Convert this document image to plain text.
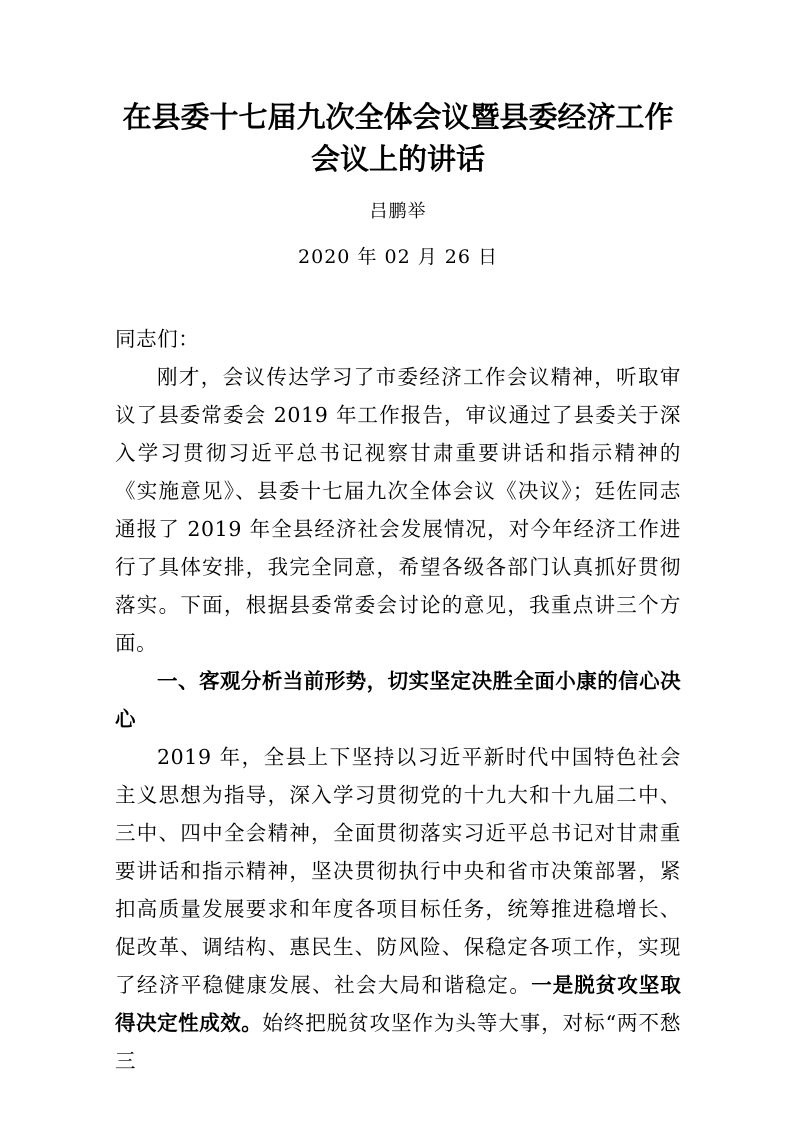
在县委十七届九次全体会议暨县委经济工作会议上的讲话

吕鹏举

2020 年 02 月 26 日

同志们：

刚才，会议传达学习了市委经济工作会议精神，听取审议了县委常委会 2019 年工作报告，审议通过了县委关于深入学习贯彻习近平总书记视察甘肃重要讲话和指示精神的《实施意见》、县委十七届九次全体会议《决议》；廷佐同志通报了 2019 年全县经济社会发展情况，对今年经济工作进行了具体安排，我完全同意，希望各级各部门认真抓好贯彻落实。下面，根据县委常委会讨论的意见，我重点讲三个方面。

一、客观分析当前形势，切实坚定决胜全面小康的信心决心

2019 年，全县上下坚持以习近平新时代中国特色社会主义思想为指导，深入学习贯彻党的十九大和十九届二中、三中、四中全会精神，全面贯彻落实习近平总书记对甘肃重要讲话和指示精神，坚决贯彻执行中央和省市决策部署，紧扣高质量发展要求和年度各项目标任务，统筹推进稳增长、促改革、调结构、惠民生、防风险、保稳定各项工作，实现了经济平稳健康发展、社会大局和谐稳定。一是脱贫攻坚取得决定性成效。始终把脱贫攻坚作为头等大事，对标“两不愁三
